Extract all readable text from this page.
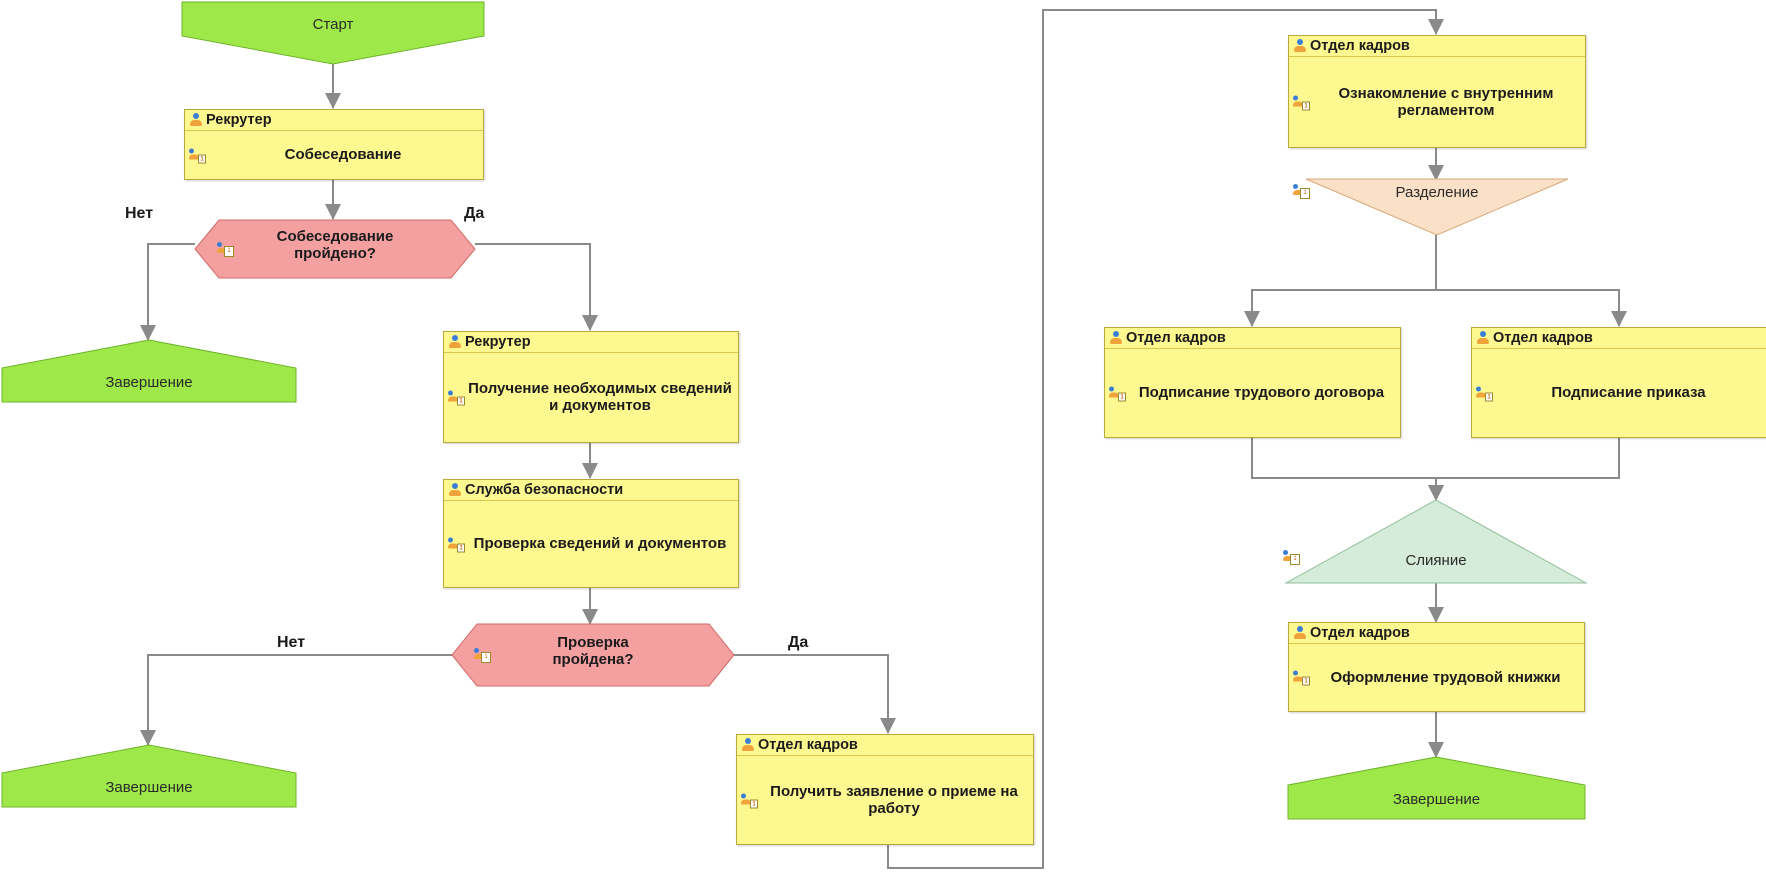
Старт
Рекрутер
1	Собеседование
1
Собеседование
пройдено?
Нет	Да
Завершение
Рекрутер
1
Получение необходимых сведений и документов
Служба безопасности
1 Проверка сведений и документов
1
Проверка
пройдена?
Нет	Да
Завершение
Отдел кадров
1
Получить заявление о приеме на работу
Отдел кадров
1
Ознакомление с внутренним регламентом
1	Разделение
Отдел кадров
1 Подписание трудового договора
Отдел кадров
1	Подписание приказа
1	Слияние
Отдел кадров
1 Оформление трудовой книжки
Завершение
